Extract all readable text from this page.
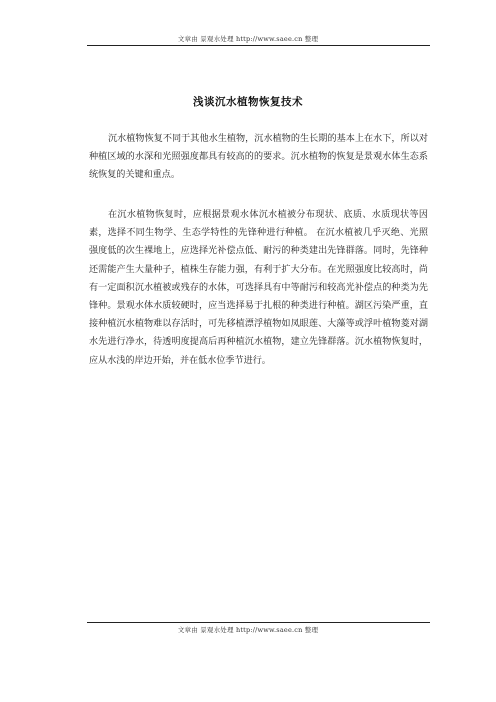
文章由 景观水处理 http://www.saee.cn 整理
浅谈沉水植物恢复技术

沉水植物恢复不同于其他水生植物，沉水植物的生长期的基本上在水下，所以对种植区域的水深和光照强度都具有较高的的要求。沉水植物的恢复是景观水体生态系统恢复的关键和重点。

在沉水植物恢复时，应根据景观水体沉水植被分布现状、底质、水质现状等因素，选择不同生物学、生态学特性的先锋种进行种植。 在沉水植被几乎灭绝、光照强度低的次生裸地上，应选择光补偿点低、耐污的种类建出先锋群落。同时，先锋种还需能产生大量种子，植株生存能力强，有利于扩大分布。在光照强度比较高时，尚有一定面积沉水植被或残存的水体，可选择具有中等耐污和较高光补偿点的种类为先锋种。景观水体水质较硬时，应当选择易于扎根的种类进行种植。湖区污染严重，直接种植沉水植物难以存活时，可先移植漂浮植物如凤眼莲、大藻等或浮叶植物菱对湖水先进行净水，待透明度提高后再种植沉水植物，建立先锋群落。沉水植物恢复时，应从水浅的岸边开始，并在低水位季节进行。

文章由 景观水处理 http://www.saee.cn 整理
